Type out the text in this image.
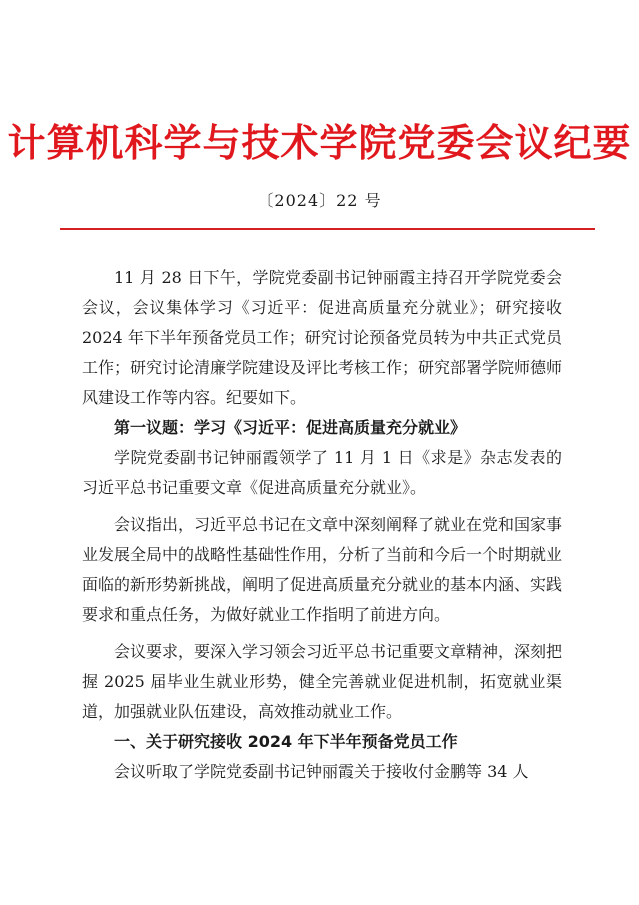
计算机科学与技术学院党委会议纪要
〔2024〕22 号

11 月 28 日下午，学院党委副书记钟丽霞主持召开学院党委会会议，会议集体学习《习近平：促进高质量充分就业》；研究接收 2024 年下半年预备党员工作；研究讨论预备党员转为中共正式党员工作；研究讨论清廉学院建设及评比考核工作；研究部署学院师德师风建设工作等内容。纪要如下。

第一议题：学习《习近平：促进高质量充分就业》

学院党委副书记钟丽霞领学了 11 月 1 日《求是》杂志发表的习近平总书记重要文章《促进高质量充分就业》。

会议指出，习近平总书记在文章中深刻阐释了就业在党和国家事业发展全局中的战略性基础性作用，分析了当前和今后一个时期就业面临的新形势新挑战，阐明了促进高质量充分就业的基本内涵、实践要求和重点任务，为做好就业工作指明了前进方向。

会议要求，要深入学习领会习近平总书记重要文章精神，深刻把握 2025 届毕业生就业形势，健全完善就业促进机制，拓宽就业渠道，加强就业队伍建设，高效推动就业工作。

一、关于研究接收 2024 年下半年预备党员工作

会议听取了学院党委副书记钟丽霞关于接收付金鹏等 34 人
